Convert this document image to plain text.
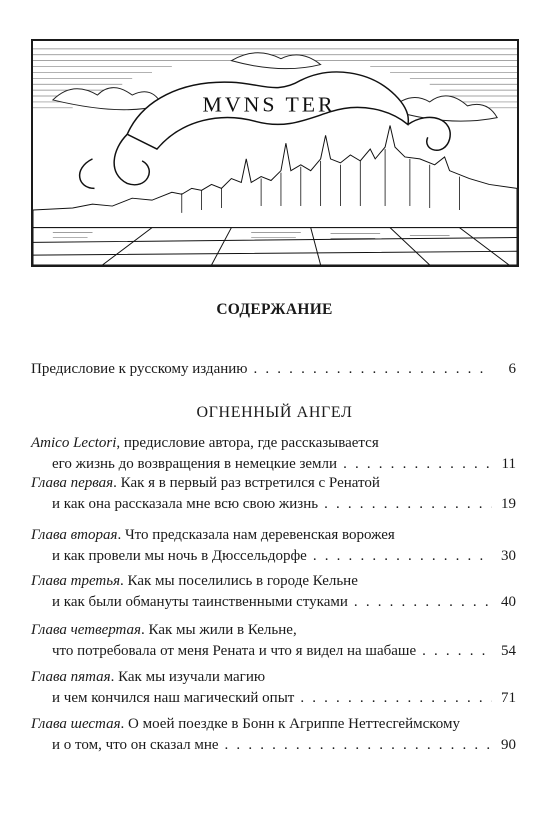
MVNS TER
СОДЕРЖАНИЕ
Предисловие к русскому изданию . . .	6
ОГНЕННЫЙ АНГЕЛ
Amico Lectori, предисловие автора, где рассказывается
его жизнь до возвращения в немецкие земли . . .	11
Глава первая. Как я в первый раз встретился с Ренатой
и как она рассказала мне всю свою жизнь . . .	19
Глава вторая. Что предсказала нам деревенская ворожея
и как провели мы ночь в Дюссельдорфе . . .	30
Глава третья. Как мы поселились в городе Кельне
и как были обмануты таинственными стуками . . .	40
Глава четвертая. Как мы жили в Кельне,
что потребовала от меня Рената и что я видел на шабаше . . .	54
Глава пятая. Как мы изучали магию
и чем кончился наш магический опыт . . .	71
Глава шестая. О моей поездке в Бонн к Агриппе Неттесгеймскому
и о том, что он сказал мне . . .	90
